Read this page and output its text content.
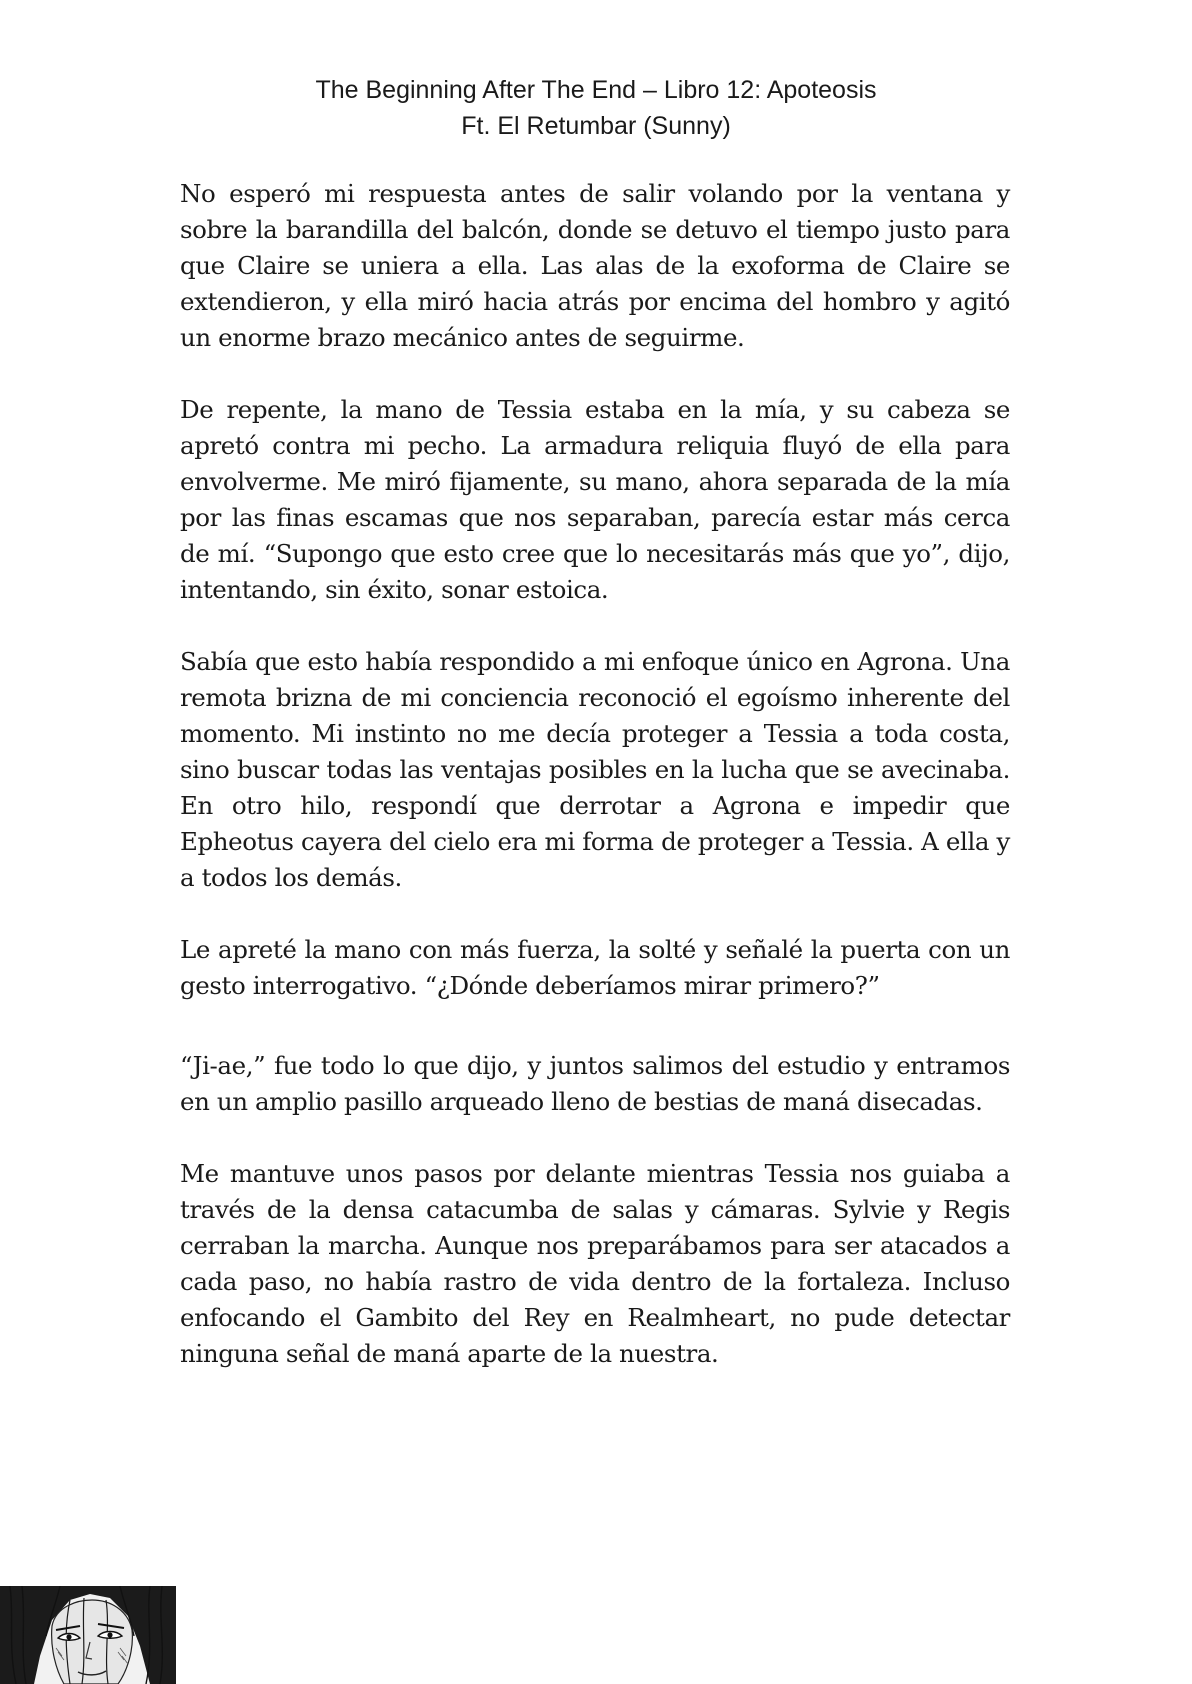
The Beginning After The End – Libro 12: Apoteosis
Ft. El Retumbar (Sunny)

No esperó mi respuesta antes de salir volando por la ventana y sobre la barandilla del balcón, donde se detuvo el tiempo justo para que Claire se uniera a ella. Las alas de la exoforma de Claire se extendieron, y ella miró hacia atrás por encima del hombro y agitó un enorme brazo mecánico antes de seguirme.

De repente, la mano de Tessia estaba en la mía, y su cabeza se apretó contra mi pecho. La armadura reliquia fluyó de ella para envolverme. Me miró fijamente, su mano, ahora separada de la mía por las finas escamas que nos separaban, parecía estar más cerca de mí. “Supongo que esto cree que lo necesitarás más que yo”, dijo, intentando, sin éxito, sonar estoica.

Sabía que esto había respondido a mi enfoque único en Agrona. Una remota brizna de mi conciencia reconoció el egoísmo inherente del momento. Mi instinto no me decía proteger a Tessia a toda costa, sino buscar todas las ventajas posibles en la lucha que se avecinaba. En otro hilo, respondí que derrotar a Agrona e impedir que Epheotus cayera del cielo era mi forma de proteger a Tessia. A ella y a todos los demás.

Le apreté la mano con más fuerza, la solté y señalé la puerta con un gesto interrogativo. “¿Dónde deberíamos mirar primero?”

“Ji-ae,” fue todo lo que dijo, y juntos salimos del estudio y entramos en un amplio pasillo arqueado lleno de bestias de maná disecadas.

Me mantuve unos pasos por delante mientras Tessia nos guiaba a través de la densa catacumba de salas y cámaras. Sylvie y Regis cerraban la marcha. Aunque nos preparábamos para ser atacados a cada paso, no había rastro de vida dentro de la fortaleza. Incluso enfocando el Gambito del Rey en Realmheart, no pude detectar ninguna señal de maná aparte de la nuestra.
